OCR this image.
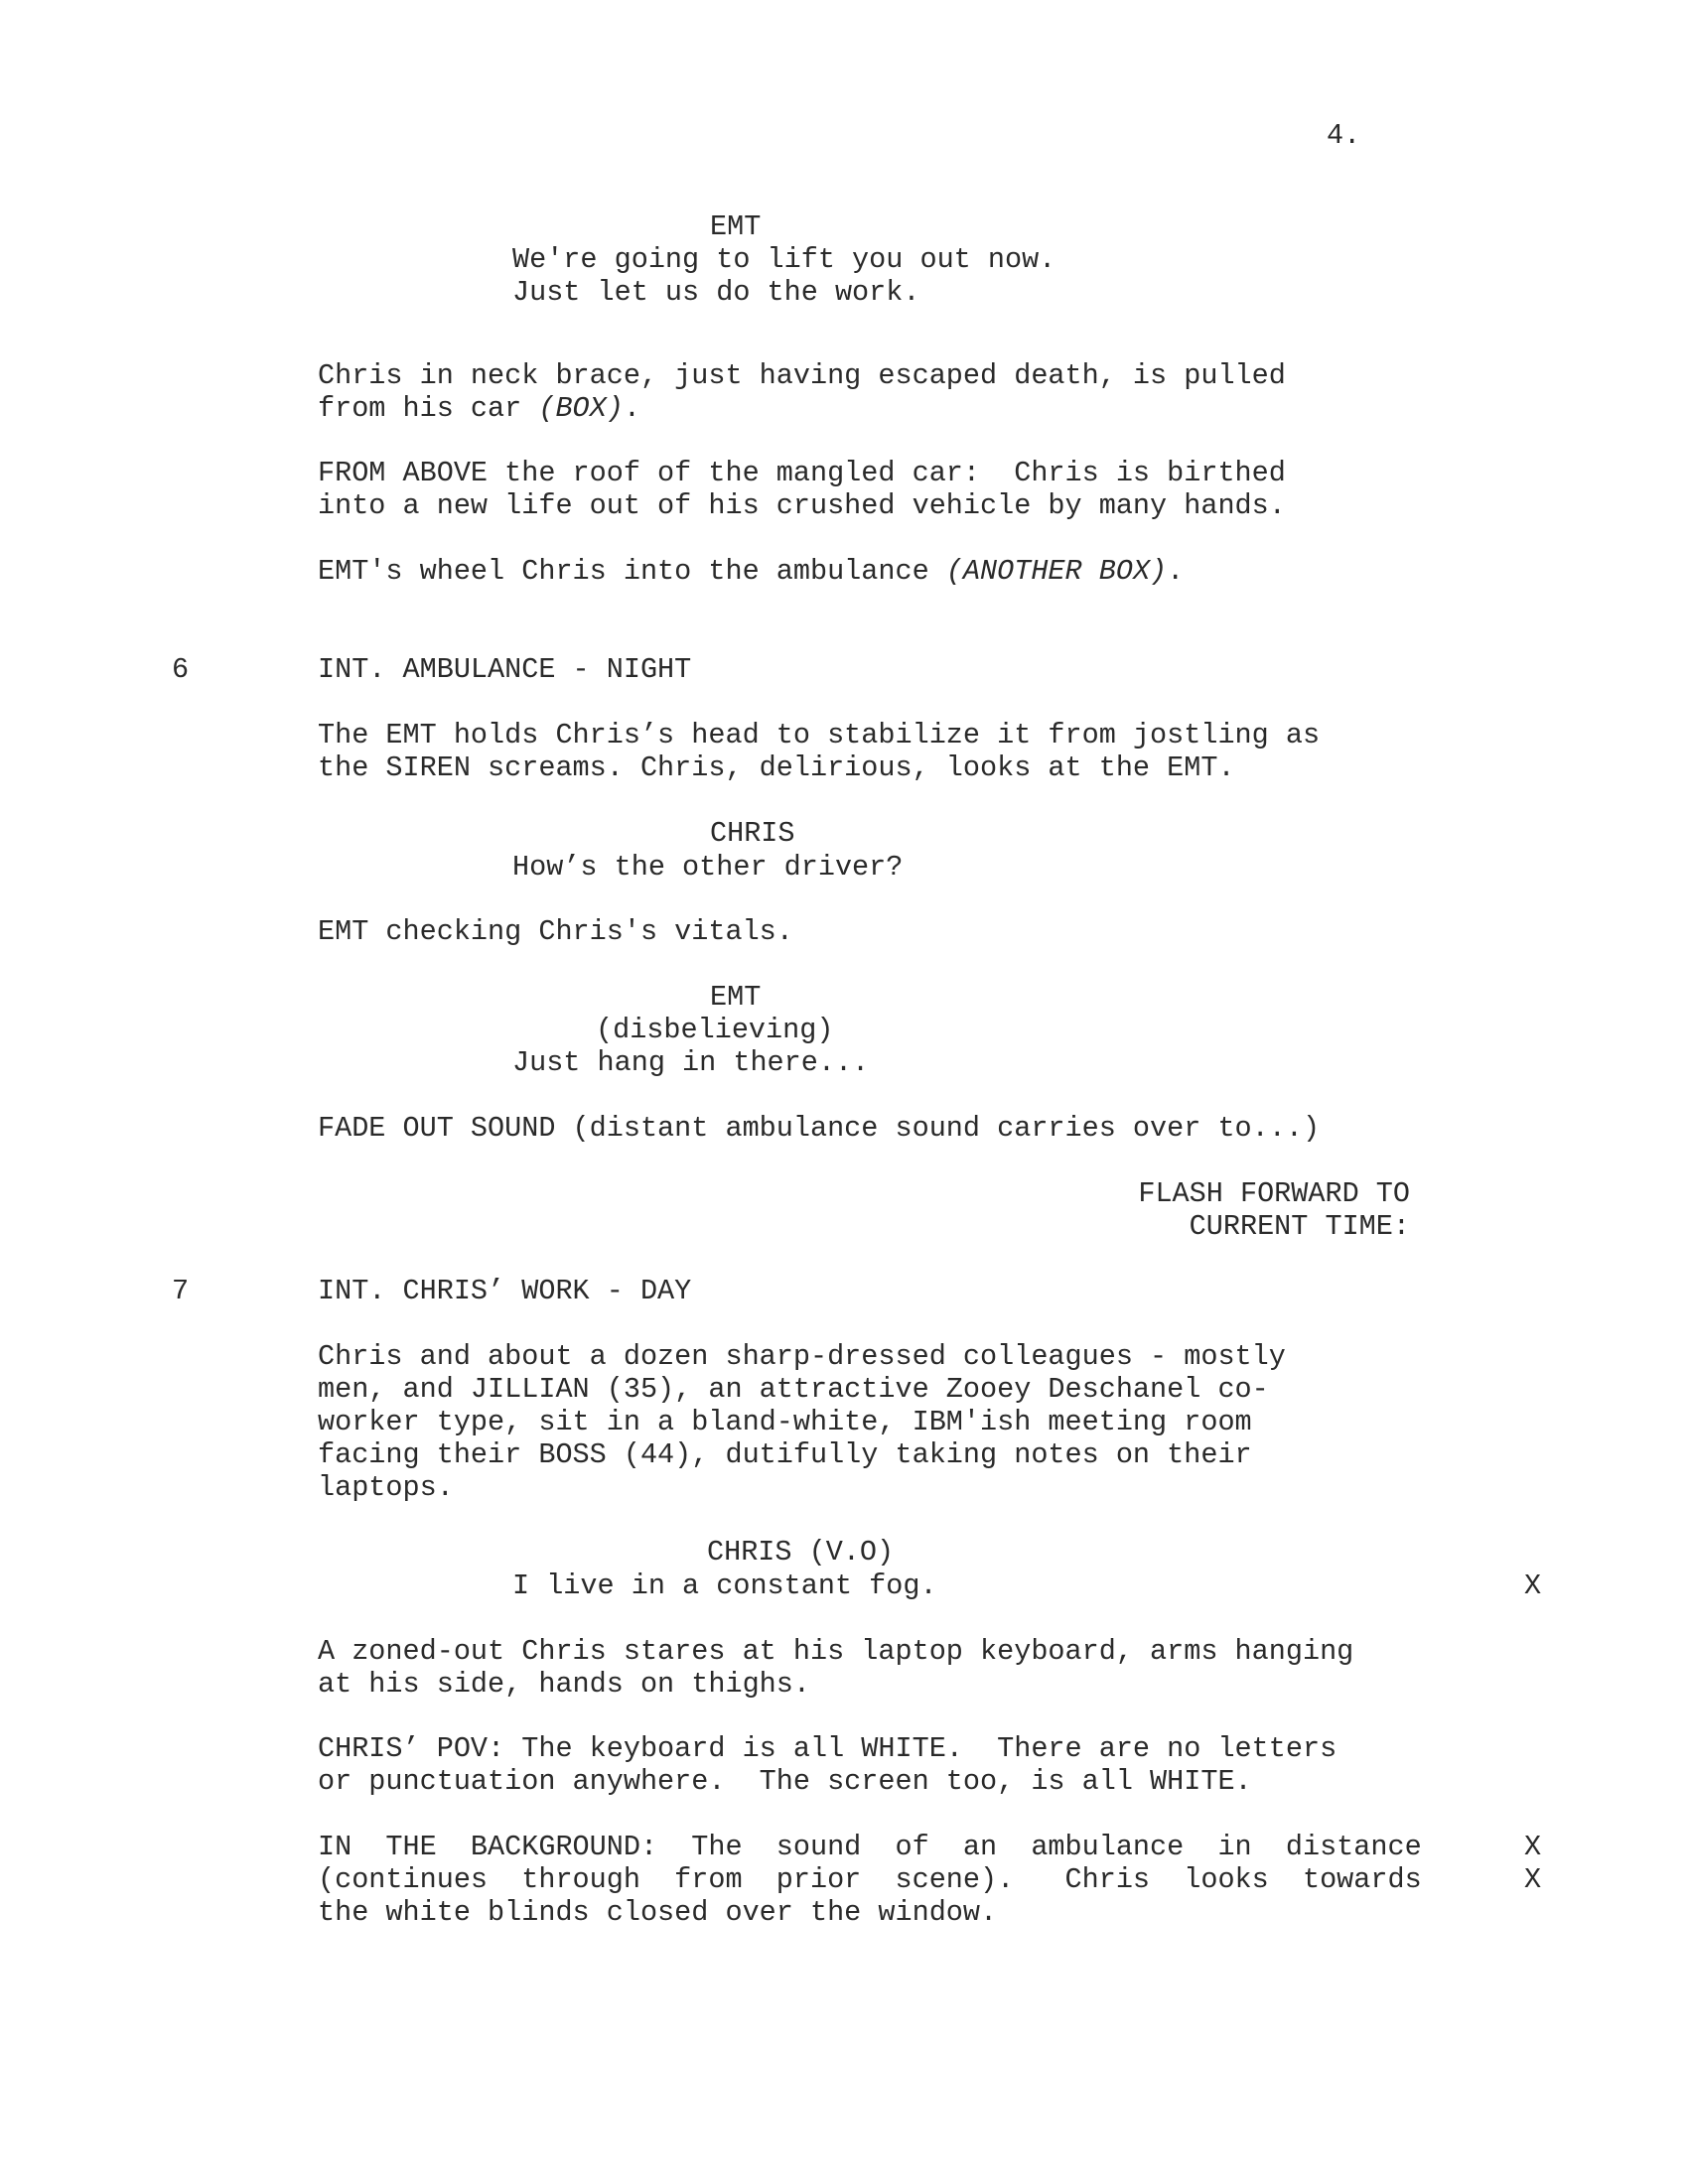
4.
EMT
We're going to lift you out now.
Just let us do the work.
Chris in neck brace, just having escaped death, is pulled
from his car (BOX).
FROM ABOVE the roof of the mangled car:  Chris is birthed
into a new life out of his crushed vehicle by many hands.
EMT's wheel Chris into the ambulance (ANOTHER BOX).
INT. AMBULANCE - NIGHT
6
The EMT holds Chris’s head to stabilize it from jostling as
the SIREN screams. Chris, delirious, looks at the EMT.
CHRIS
How’s the other driver?
EMT checking Chris's vitals.
EMT
(disbelieving)
Just hang in there...
FADE OUT SOUND (distant ambulance sound carries over to...)
FLASH FORWARD TO
CURRENT TIME:
INT. CHRIS’ WORK - DAY
7
Chris and about a dozen sharp-dressed colleagues - mostly
men, and JILLIAN (35), an attractive Zooey Deschanel co-
worker type, sit in a bland-white, IBM'ish meeting room
facing their BOSS (44), dutifully taking notes on their
laptops.
CHRIS (V.O)
I live in a constant fog.	X
A zoned-out Chris stares at his laptop keyboard, arms hanging
at his side, hands on thighs.
CHRIS’ POV: The keyboard is all WHITE.  There are no letters
or punctuation anywhere.  The screen too, is all WHITE.
IN  THE  BACKGROUND:  The  sound  of  an  ambulance  in  distance	X
(continues  through  from  prior  scene).   Chris  looks  towards	X
the white blinds closed over the window.
